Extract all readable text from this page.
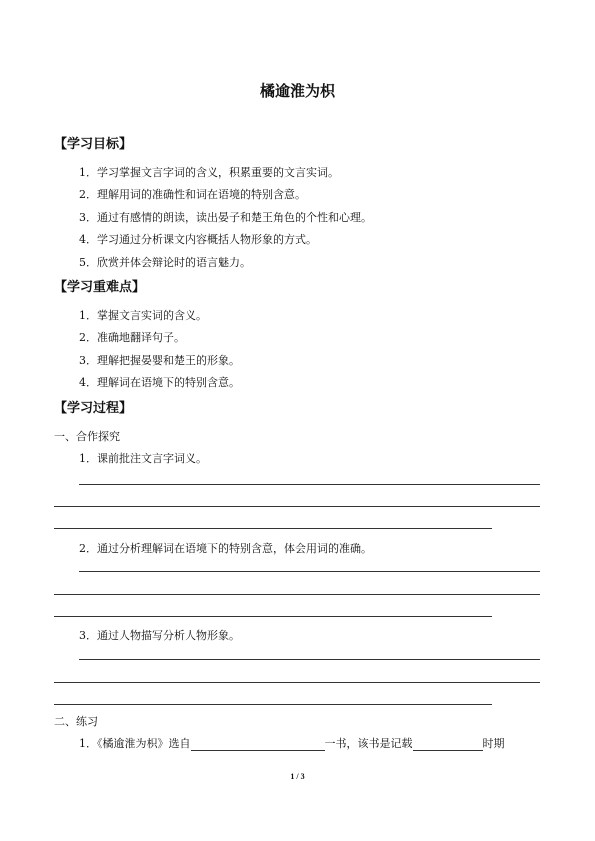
橘逾淮为枳
【学习目标】
1．学习掌握文言字词的含义，积累重要的文言实词。
2．理解用词的准确性和词在语境的特别含意。
3．通过有感情的朗读，读出晏子和楚王角色的个性和心理。
4．学习通过分析课文内容概括人物形象的方式。
5．欣赏并体会辩论时的语言魅力。
【学习重难点】
1．掌握文言实词的含义。
2．准确地翻译句子。
3．理解把握晏婴和楚王的形象。
4．理解词在语境下的特别含意。
【学习过程】
一、合作探究
1．课前批注文言字词义。
2．通过分析理解词在语境下的特别含意，体会用词的准确。
3．通过人物描写分析人物形象。
二、练习
1．《橘逾淮为枳》选自	一书，该书是记载	时期
1 / 3
